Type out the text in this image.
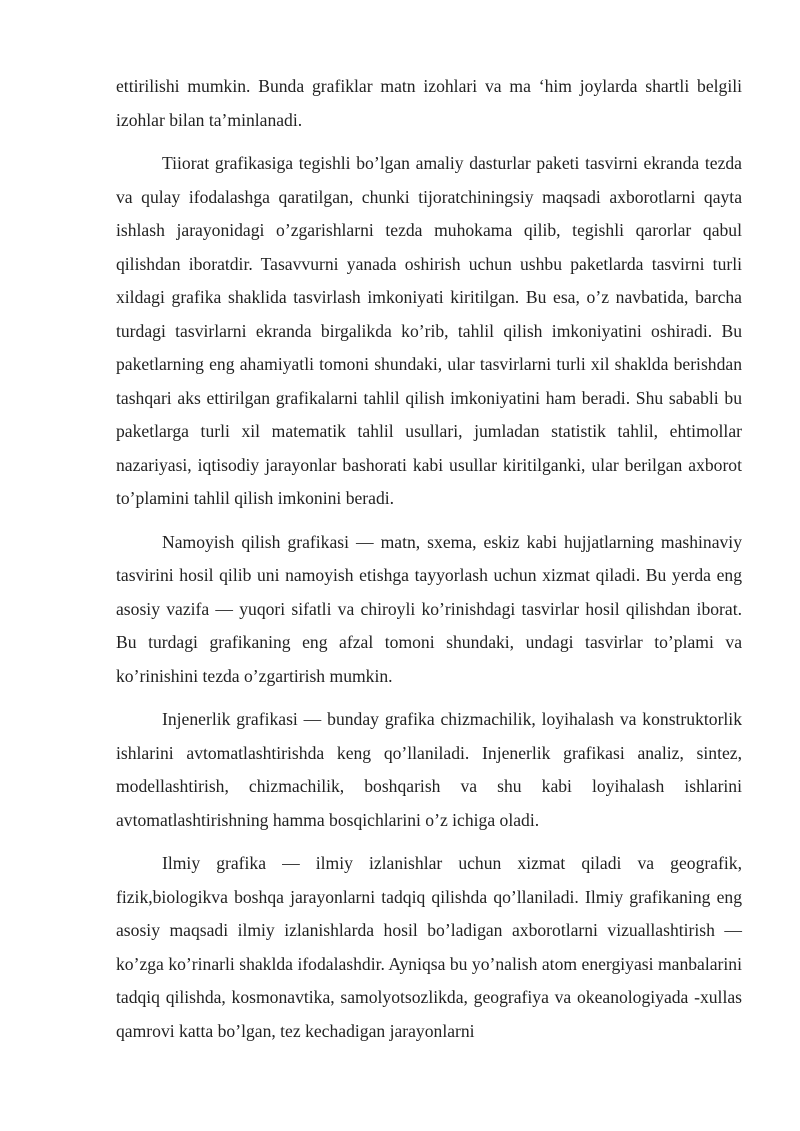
ettirilishi mumkin. Bunda grafiklar matn izohlari va ma ‘him joylarda shartli belgili izohlar bilan ta’minlanadi.

Tiiorat grafikasiga tegishli bo’lgan amaliy dasturlar paketi tasvirni ekranda tezda va qulay ifodalashga qaratilgan, chunki tijoratchiningsiy maqsadi axborotlarni qayta ishlash jarayonidagi o’zgarishlarni tezda muhokama qilib, tegishli qarorlar qabul qilishdan iboratdir. Tasavvurni yanada oshirish uchun ushbu paketlarda tasvirni turli xildagi grafika shaklida tasvirlash imkoniyati kiritilgan. Bu esa, o’z navbatida, barcha turdagi tasvirlarni ekranda birgalikda ko’rib, tahlil qilish imkoniyatini oshiradi. Bu paketlarning eng ahamiyatli tomoni shundaki, ular tasvirlarni turli xil shaklda berishdan tashqari aks ettirilgan grafikalarni tahlil qilish imkoniyatini ham beradi. Shu sababli bu paketlarga turli xil matematik tahlil usullari, jumladan statistik tahlil, ehtimollar nazariyasi, iqtisodiy jarayonlar bashorati kabi usullar kiritilganki, ular berilgan axborot to’plamini tahlil qilish imkonini beradi.

Namoyish qilish grafikasi — matn, sxema, eskiz kabi hujjatlarning mashinaviy tasvirini hosil qilib uni namoyish etishga tayyorlash uchun xizmat qiladi. Bu yerda eng asosiy vazifa — yuqori sifatli va chiroyli ko’rinishdagi tasvirlar hosil qilishdan iborat. Bu turdagi grafikaning eng afzal tomoni shundaki, undagi tasvirlar to’plami va ko’rinishini tezda o’zgartirish mumkin.

Injenerlik grafikasi — bunday grafika chizmachilik, loyihalash va konstruktorlik ishlarini avtomatlashtirishda keng qo’llaniladi. Injenerlik grafikasi analiz, sintez, modellashtirish, chizmachilik, boshqarish va shu kabi loyihalash ishlarini avtomatlashtirishning hamma bosqichlarini o’z ichiga oladi.

Ilmiy grafika — ilmiy izlanishlar uchun xizmat qiladi va geografik, fizik,biologikva boshqa jarayonlarni tadqiq qilishda qo’llaniladi. Ilmiy grafikaning eng asosiy maqsadi ilmiy izlanishlarda hosil bo’ladigan axborotlarni vizuallashtirish — ko’zga ko’rinarli shaklda ifodalashdir. Ayniqsa bu yo’nalish atom energiyasi manbalarini tadqiq qilishda, kosmonavtika, samolyotsozlikda, geografiya va okeanologiyada -xullas qamrovi katta bo’lgan, tez kechadigan jarayonlarni
